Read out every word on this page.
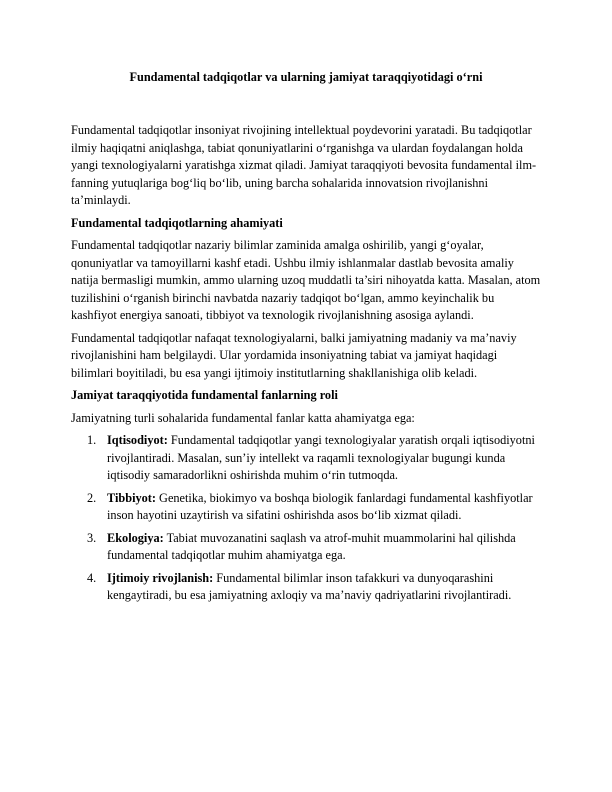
Fundamental tadqiqotlar va ularning jamiyat taraqqiyotidagi o‘rni

Fundamental tadqiqotlar insoniyat rivojining intellektual poydevorini yaratadi. Bu tadqiqotlar ilmiy haqiqatni aniqlashga, tabiat qonuniyatlarini o‘rganishga va ulardan foydalangan holda yangi texnologiyalarni yaratishga xizmat qiladi. Jamiyat taraqqiyoti bevosita fundamental ilm-fanning yutuqlariga bog‘liq bo‘lib, uning barcha sohalarida innovatsion rivojlanishni ta’minlaydi.

Fundamental tadqiqotlarning ahamiyati

Fundamental tadqiqotlar nazariy bilimlar zaminida amalga oshirilib, yangi g‘oyalar, qonuniyatlar va tamoyillarni kashf etadi. Ushbu ilmiy ishlanmalar dastlab bevosita amaliy natija bermasligi mumkin, ammo ularning uzoq muddatli ta’siri nihoyatda katta. Masalan, atom tuzilishini o‘rganish birinchi navbatda nazariy tadqiqot bo‘lgan, ammo keyinchalik bu kashfiyot energiya sanoati, tibbiyot va texnologik rivojlanishning asosiga aylandi.

Fundamental tadqiqotlar nafaqat texnologiyalarni, balki jamiyatning madaniy va ma’naviy rivojlanishini ham belgilaydi. Ular yordamida insoniyatning tabiat va jamiyat haqidagi bilimlari boyitiladi, bu esa yangi ijtimoiy institutlarning shakllanishiga olib keladi.

Jamiyat taraqqiyotida fundamental fanlarning roli

Jamiyatning turli sohalarida fundamental fanlar katta ahamiyatga ega:

1. Iqtisodiyot: Fundamental tadqiqotlar yangi texnologiyalar yaratish orqali iqtisodiyotni rivojlantiradi. Masalan, sun’iy intellekt va raqamli texnologiyalar bugungi kunda iqtisodiy samaradorlikni oshirishda muhim o‘rin tutmoqda.
2. Tibbiyot: Genetika, biokimyo va boshqa biologik fanlardagi fundamental kashfiyotlar inson hayotini uzaytirish va sifatini oshirishda asos bo‘lib xizmat qiladi.
3. Ekologiya: Tabiat muvozanatini saqlash va atrof-muhit muammolarini hal qilishda fundamental tadqiqotlar muhim ahamiyatga ega.
4. Ijtimoiy rivojlanish: Fundamental bilimlar inson tafakkuri va dunyoqarashini kengaytiradi, bu esa jamiyatning axloqiy va ma’naviy qadriyatlarini rivojlantiradi.
